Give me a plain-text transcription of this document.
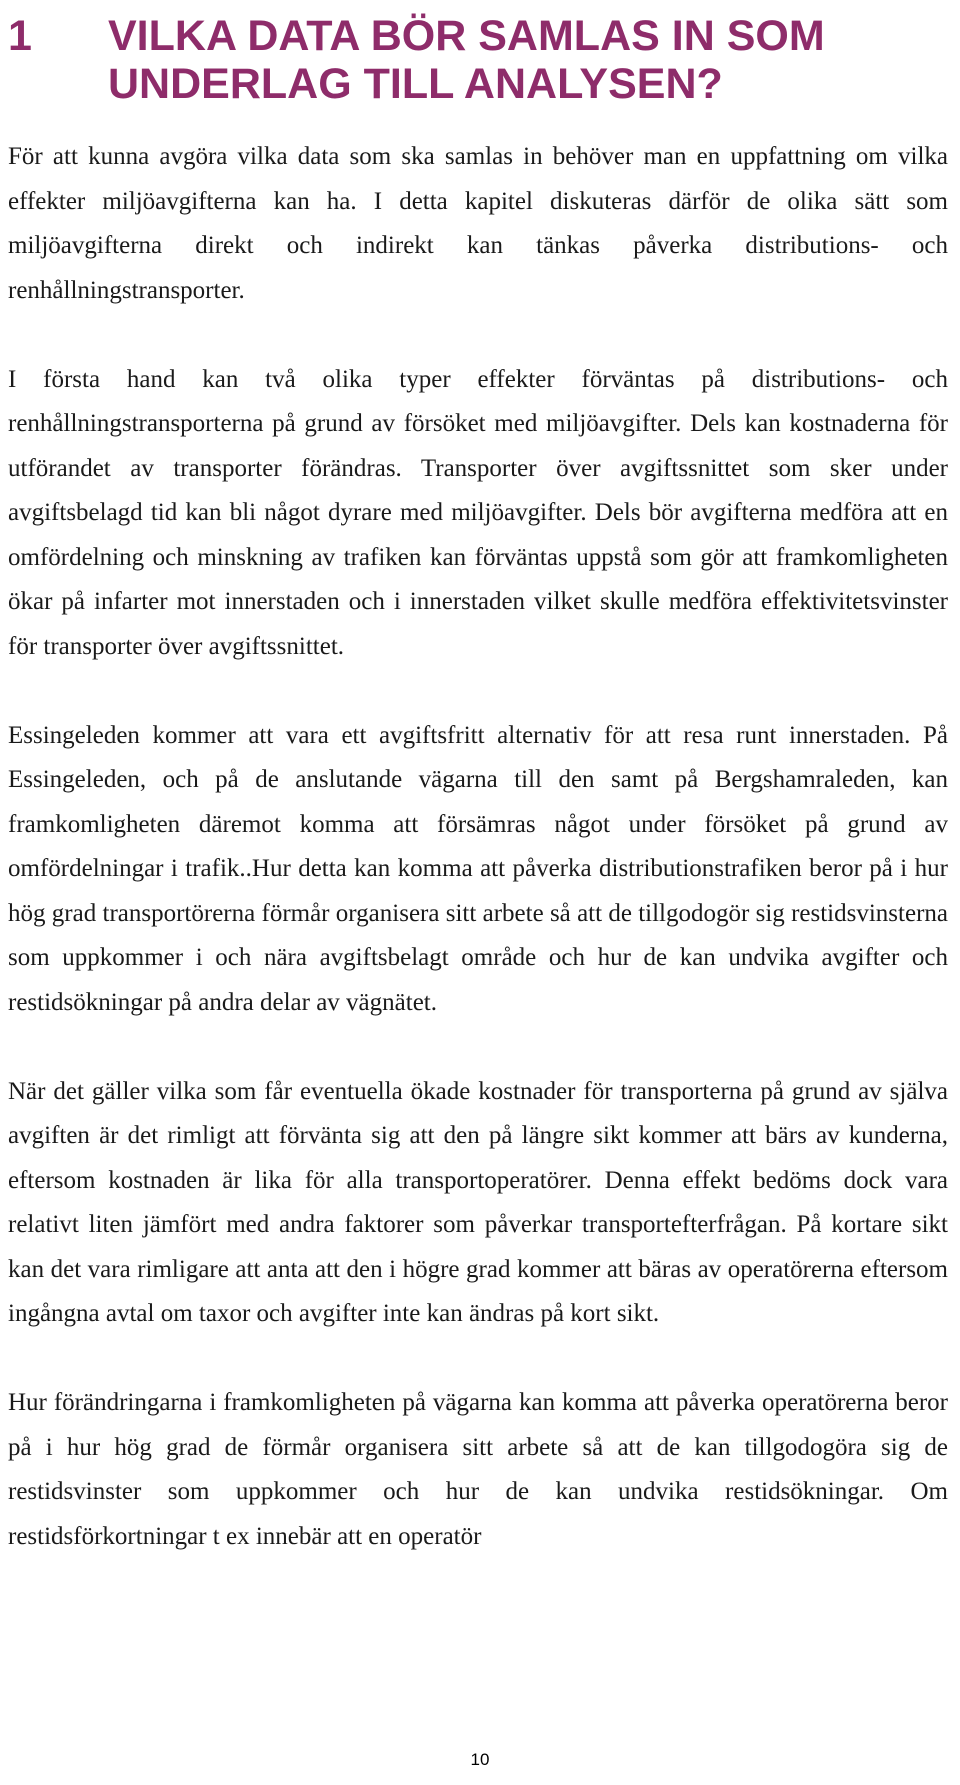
1	VILKA DATA BÖR SAMLAS IN SOM UNDERLAG TILL ANALYSEN?

För att kunna avgöra vilka data som ska samlas in behöver man en uppfattning om vilka effekter miljöavgifterna kan ha. I detta kapitel diskuteras därför de olika sätt som miljöavgifterna direkt och indirekt kan tänkas påverka distributions- och renhållningstransporter.

I första hand kan två olika typer effekter förväntas på distributions- och renhållningstransporterna på grund av försöket med miljöavgifter. Dels kan kostnaderna för utförandet av transporter förändras. Transporter över avgiftssnittet som sker under avgiftsbelagd tid kan bli något dyrare med miljöavgifter. Dels bör avgifterna medföra att en omfördelning och minskning av trafiken kan förväntas uppstå som gör att framkomligheten ökar på infarter mot innerstaden och i innerstaden vilket skulle medföra effektivitetsvinster för transporter över avgiftssnittet.

Essingeleden kommer att vara ett avgiftsfritt alternativ för att resa runt innerstaden. På Essingeleden, och på de anslutande vägarna till den samt på Bergshamraleden, kan framkomligheten däremot komma att försämras något under försöket på grund av omfördelningar i trafik..Hur detta kan komma att påverka distributionstrafiken beror på i hur hög grad transportörerna förmår organisera sitt arbete så att de tillgodogör sig restidsvinsterna som uppkommer i och nära avgiftsbelagt område och hur de kan undvika avgifter och restidsökningar på andra delar av vägnätet.

När det gäller vilka som får eventuella ökade kostnader för transporterna på grund av själva avgiften är det rimligt att förvänta sig att den på längre sikt kommer att bärs av kunderna, eftersom kostnaden är lika för alla transportoperatörer. Denna effekt bedöms dock vara relativt liten jämfört med andra faktorer som påverkar transportefterfrågan. På kortare sikt kan det vara rimligare att anta att den i högre grad kommer att bäras av operatörerna eftersom ingångna avtal om taxor och avgifter inte kan ändras på kort sikt.

Hur förändringarna i framkomligheten på vägarna kan komma att påverka operatörerna beror på i hur hög grad de förmår organisera sitt arbete så att de kan tillgodogöra sig de restidsvinster som uppkommer och hur de kan undvika restidsökningar. Om restidsförkortningar t ex innebär att en operatör

10
